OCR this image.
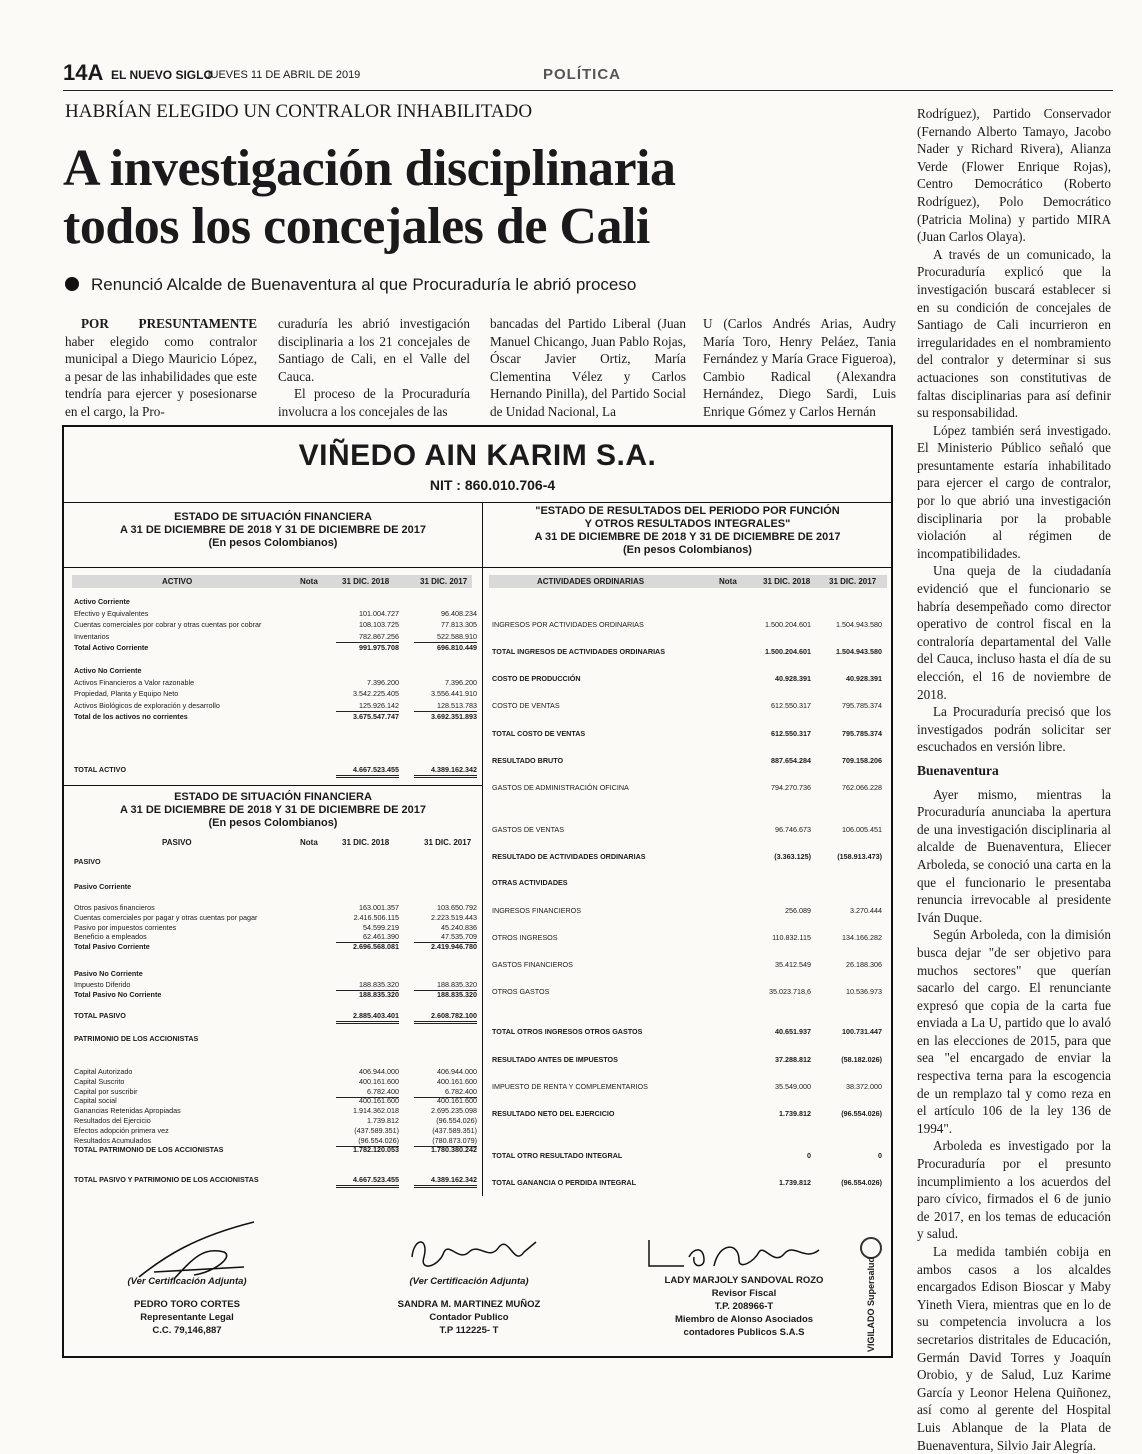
14A EL NUEVO SIGLO
JUEVES 11 DE ABRIL DE 2019	POLÍTICA
HABRÍAN ELEGIDO UN CONTRALOR INHABILITADO
A investigación disciplinaria
todos los concejales de Cali
Renunció Alcalde de Buenaventura al que Procuraduría le abrió proceso

POR PRESUNTAMENTE haber elegido como contralor municipal a Diego Mauricio López, a pesar de las inhabilidades que este tendría para ejercer y posesionarse en el cargo, la Pro-

curaduría les abrió investigación disciplinaria a los 21 concejales de Santiago de Cali, en el Valle del Cauca.

El proceso de la Procuraduría involucra a los concejales de las

bancadas del Partido Liberal (Juan Manuel Chicango, Juan Pablo Rojas, Óscar Javier Ortiz, María Clementina Vélez y Carlos Hernando Pinilla), del Partido Social de Unidad Nacional, La

U (Carlos Andrés Arias, Audry María Toro, Henry Peláez, Tania Fernández y María Grace Figueroa), Cambio Radical (Alexandra Hernández, Diego Sardi, Luis Enrique Gómez y Carlos Hernán

Rodríguez), Partido Conservador (Fernando Alberto Tamayo, Jacobo Nader y Richard Rivera), Alianza Verde (Flower Enrique Rojas), Centro Democrático (Roberto Rodríguez), Polo Democrático (Patricia Molina) y partido MIRA (Juan Carlos Olaya).

A través de un comunicado, la Procuraduría explicó que la investigación buscará establecer si en su condición de concejales de Santiago de Cali incurrieron en irregularidades en el nombramiento del contralor y determinar si sus actuaciones son constitutivas de faltas disciplinarias para así definir su responsabilidad.

López también será investigado. El Ministerio Público señaló que presuntamente estaría inhabilitado para ejercer el cargo de contralor, por lo que abrió una investigación disciplinaria por la probable violación al régimen de incompatibilidades.

Una queja de la ciudadanía evidenció que el funcionario se habría desempeñado como director operativo de control fiscal en la contraloría departamental del Valle del Cauca, incluso hasta el día de su elección, el 16 de noviembre de 2018.

La Procuraduría precisó que los investigados podrán solicitar ser escuchados en versión libre.

Buenaventura

Ayer mismo, mientras la Procuraduría anunciaba la apertura de una investigación disciplinaria al alcalde de Buenaventura, Eliecer Arboleda, se conoció una carta en la que el funcionario le presentaba renuncia irrevocable al presidente Iván Duque.

Según Arboleda, con la dimisión busca dejar "de ser objetivo para muchos sectores" que querían sacarlo del cargo. El renunciante expresó que copia de la carta fue enviada a La U, partido que lo avaló en las elecciones de 2015, para que sea "el encargado de enviar la respectiva terna para la escogencia de un remplazo tal y como reza en el artículo 106 de la ley 136 de 1994".

Arboleda es investigado por la Procuraduría por el presunto incumplimiento a los acuerdos del paro cívico, firmados el 6 de junio de 2017, en los temas de educación y salud.

La medida también cobija en ambos casos a los alcaldes encargados Edison Bioscar y Maby Yineth Viera, mientras que en lo de su competencia involucra a los secretarios distritales de Educación, Germán David Torres y Joaquín Orobio, y de Salud, Luz Karime García y Leonor Helena Quiñonez, así como al gerente del Hospital Luis Ablanque de la Plata de Buenaventura, Silvio Jair Alegría.

VIÑEDO AIN KARIM S.A.
NIT : 860.010.706-4
ESTADO DE SITUACIÓN FINANCIERA
A 31 DE DICIEMBRE DE 2018 Y 31 DE DICIEMBRE DE 2017
(En pesos Colombianos)
"ESTADO DE RESULTADOS DEL PERIODO POR FUNCIÓN
Y OTROS RESULTADOS INTEGRALES"
A 31 DE DICIEMBRE DE 2018 Y 31 DE DICIEMBRE DE 2017
(En pesos Colombianos)
ACTIVO	Nota	31 DIC. 2018	31 DIC. 2017
Activo Corriente
Efectivo y Equivalentes	101.004.727	96.408.234
Cuentas comerciales por cobrar y otras cuentas por cobrar	108.103.725	77.813.305
Inventarios	782.867.256	522.588.910
Total Activo Corriente	991.975.708	696.810.449
Activo No Corriente
Activos Financieros a Valor razonable	7.396.200	7.396.200
Propiedad, Planta y Equipo Neto	3.542.225.405	3.556.441.910
Activos Biológicos de exploración y desarrollo	125.926.142	128.513.783
Total de los activos no corrientes	3.675.547.747	3.692.351.893
TOTAL ACTIVO	4.667.523.455	4.389.162.342
ESTADO DE SITUACIÓN FINANCIERA
A 31 DE DICIEMBRE DE 2018 Y 31 DE DICIEMBRE DE 2017
(En pesos Colombianos)
PASIVO	Nota	31 DIC. 2018	31 DIC. 2017
PASIVO
Pasivo Corriente
Otros pasivos financieros	163.001.357	103.650.792
Cuentas comerciales por pagar y otras cuentas por pagar	2.416.506.115	2.223.519.443
Pasivo por impuestos corrientes	54.599.219	45.240.836
Beneficio a empleados	62.461.390	47.535.709
Total Pasivo Corriente	2.696.568.081	2.419.946.780
Pasivo No Corriente
Impuesto Diferido	188.835.320	188.835.320
Total Pasivo No Corriente	188.835.320	188.835.320
TOTAL PASIVO	2.885.403.401	2.608.782.100
PATRIMONIO DE LOS ACCIONISTAS
Capital Autorizado	406.944.000	406.944.000
Capital Suscrito	400.161.600	400.161.600
Capital por suscribir	6.782.400	6.782.400
Capital social	400.161.600	400.161.600
Ganancias Retenidas Apropiadas	1.914.362.018	2.695.235.098
Resultados del Ejercicio	1.739.812	(96.554.026)
Efectos adopción primera vez	(437.589.351)	(437.589.351)
Resultados Acumulados	(96.554.026)	(780.873.079)
TOTAL PATRIMONIO DE LOS ACCIONISTAS	1.782.120.053	1.780.380.242
TOTAL PASIVO Y PATRIMONIO DE LOS ACCIONISTAS	4.667.523.455	4.389.162.342
ACTIVIDADES ORDINARIAS	Nota	31 DIC. 2018 31 DIC. 2017
INGRESOS POR ACTIVIDADES ORDINARIAS	1.500.204.601	1.504.943.580
TOTAL INGRESOS DE ACTIVIDADES ORDINARIAS	1.500.204.601	1.504.943.580
COSTO DE PRODUCCIÓN	40.928.391	40.928.391
COSTO DE VENTAS	612.550.317	795.785.374
TOTAL COSTO DE VENTAS	612.550.317	795.785.374
RESULTADO BRUTO	887.654.284	709.158.206
GASTOS DE ADMINISTRACIÓN OFICINA	794.270.736	762.066.228
GASTOS DE VENTAS	96.746.673	106.005.451
RESULTADO DE ACTIVIDADES ORDINARIAS	(3.363.125)	(158.913.473)
OTRAS ACTIVIDADES
INGRESOS FINANCIEROS	256.089	3.270.444
OTROS INGRESOS	110.832.115	134.166.282
GASTOS FINANCIEROS	35.412.549	26.188.306
OTROS GASTOS	35.023.718,6	10.536.973
TOTAL OTROS INGRESOS OTROS GASTOS	40.651.937	100.731.447
RESULTADO ANTES DE IMPUESTOS	37.288.812	(58.182.026)
IMPUESTO DE RENTA Y COMPLEMENTARIOS	35.549.000	38.372.000
RESULTADO NETO DEL EJERCICIO	1.739.812	(96.554.026)
TOTAL OTRO RESULTADO INTEGRAL	0	0
TOTAL GANANCIA O PERDIDA INTEGRAL	1.739.812	(96.554.026)
(Ver Certificación Adjunta)
PEDRO TORO CORTES
Representante Legal
C.C. 79,146,887
(Ver Certificación Adjunta)
SANDRA M. MARTINEZ MUÑOZ
Contador Publico
T.P 112225- T
LADY MARJOLY SANDOVAL ROZO
Revisor Fiscal
T.P. 208966-T
Miembro de Alonso Asociados contadores Publicos S.A.S	VIGILADO Supersalud
